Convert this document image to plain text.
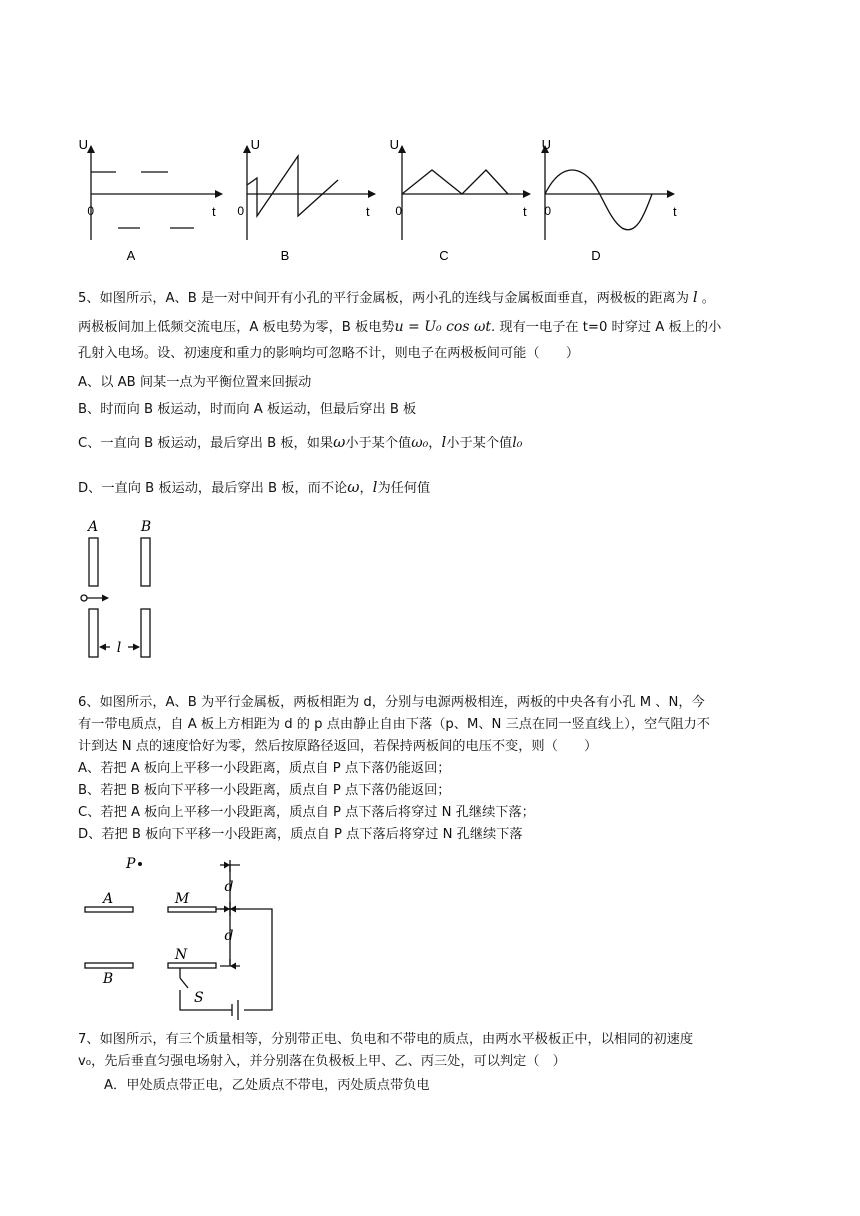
U
0	t
A
U
0	t
B
U
0	t
C
U
0	t
D
5、如图所示，A、B 是一对中间开有小孔的平行金属板，两小孔的连线与金属板面垂直，两极板的距离为 l 。
两极板间加上低频交流电压，A 板电势为零，B 板电势u = U₀ cos ωt. 现有一电子在 t=0 时穿过 A 板上的小
孔射入电场。设、初速度和重力的影响均可忽略不计，则电子在两极板间可能（　　）
A、以 AB 间某一点为平衡位置来回振动
B、时而向 B 板运动，时而向 A 板运动，但最后穿出 B 板
C、一直向 B 板运动，最后穿出 B 板，如果ω小于某个值ω₀，l小于某个值l₀
D、一直向 B 板运动，最后穿出 B 板，而不论ω，l为任何值
A	B
l
6、如图所示，A、B 为平行金属板，两板相距为 d，分别与电源两极相连，两板的中央各有小孔 M 、N，今
有一带电质点，自 A 板上方相距为 d 的 p 点由静止自由下落（p、M、N 三点在同一竖直线上），空气阻力不
计到达 N 点的速度恰好为零，然后按原路径返回，若保持两板间的电压不变，则（　　）
A、若把 A 板向上平移一小段距离，质点自 P 点下落仍能返回；
B、若把 B 板向下平移一小段距离，质点自 P 点下落仍能返回；
C、若把 A 板向上平移一小段距离，质点自 P 点下落后将穿过 N 孔继续下落；
D、若把 B 板向下平移一小段距离，质点自 P 点下落后将穿过 N 孔继续下落
P
A	M
B
N
d
d
S
7、如图所示，有三个质量相等，分别带正电、负电和不带电的质点，由两水平极板正中，以相同的初速度
v₀，先后垂直匀强电场射入，并分别落在负极板上甲、乙、丙三处，可以判定（　）
A．甲处质点带正电，乙处质点不带电，丙处质点带负电
